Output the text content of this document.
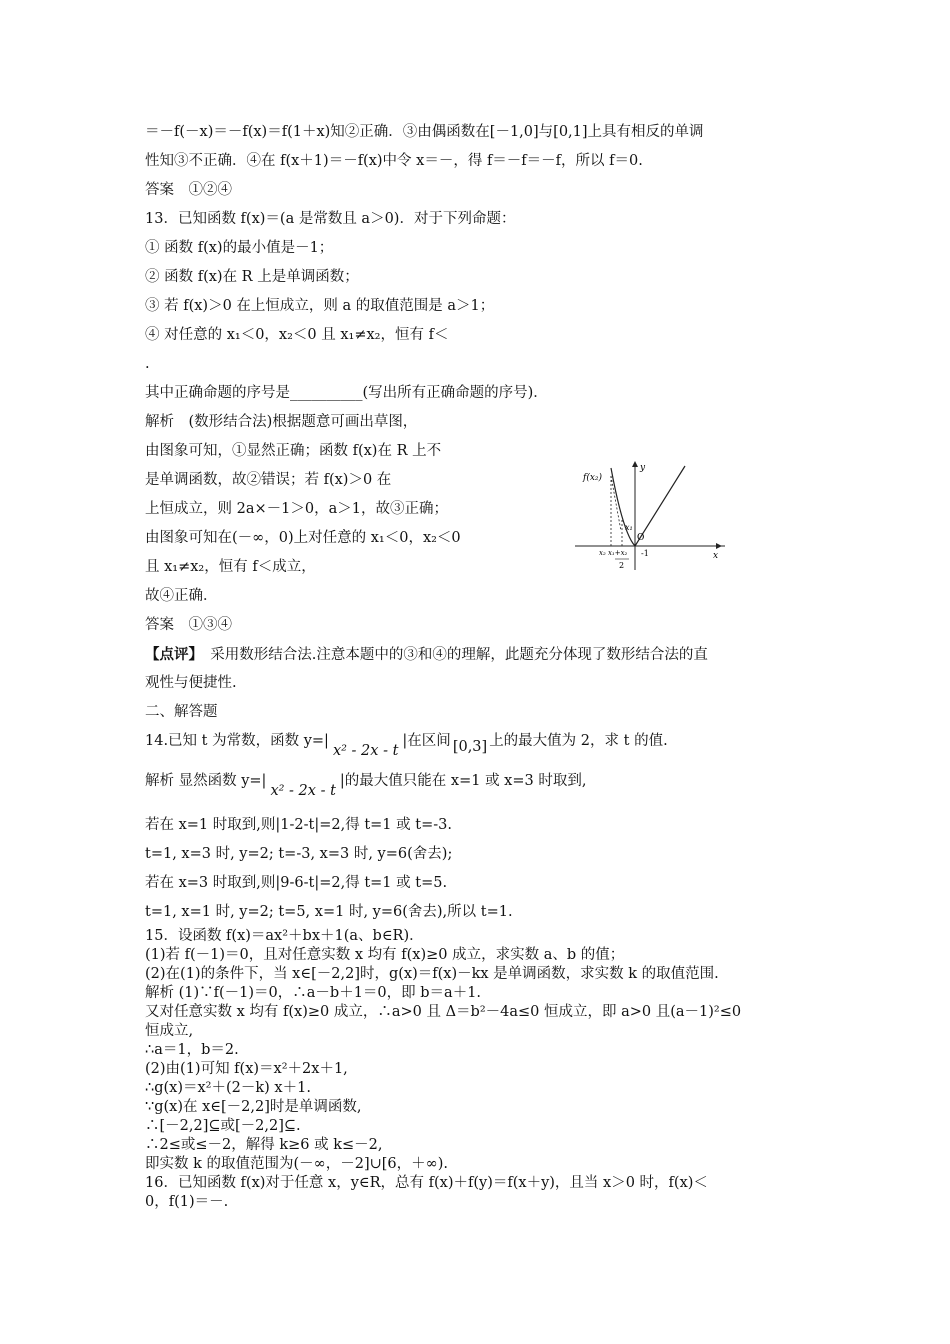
＝－f(－x)＝－f(x)＝f(1＋x)知②正确．③由偶函数在[－1,0]与[0,1]上具有相反的单调
性知③不正确．④在 f(x＋1)＝－f(x)中令 x＝－，得 f＝－f＝－f，所以 f＝0.
答案　①②④
13．已知函数 f(x)＝(a 是常数且 a＞0)．对于下列命题：
① 函数 f(x)的最小值是－1；
② 函数 f(x)在 R 上是单调函数；
③ 若 f(x)＞0 在上恒成立，则 a 的取值范围是 a＞1；
④ 对任意的 x₁＜0，x₂＜0 且 x₁≠x₂，恒有 f＜
.
其中正确命题的序号是__________(写出所有正确命题的序号)．
解析　(数形结合法)根据题意可画出草图，
由图象可知，①显然正确；函数 f(x)在 R 上不
是单调函数，故②错误；若 f(x)＞0 在
上恒成立，则 2a×－1＞0，a＞1，故③正确；
由图象可知在(－∞，0)上对任意的 x₁＜0，x₂＜0
且 x₁≠x₂，恒有 f＜成立，
故④正确．
答案　①③④
【点评】　采用数形结合法.注意本题中的③和④的理解，此题充分体现了数形结合法的直
观性与便捷性.
二、解答题
14.已知 t 为常数，函数 y=|x² - 2x - t|在区间 [0,3] 上的最大值为 2，求 t 的值.
解析 显然函数 y=|x² - 2x - t|的最大值只能在 x=1 或 x=3 时取到,
若在 x=1 时取到,则|1-2-t|=2,得 t=1 或 t=-3.
t=1, x=3 时, y=2; t=-3, x=3 时, y=6(舍去);
若在 x=3 时取到,则|9-6-t|=2,得 t=1 或 t=5.
t=1, x=1 时, y=2; t=5, x=1 时, y=6(舍去),所以 t=1.
15．设函数 f(x)＝ax²＋bx＋1(a、b∈R)．
(1)若 f(－1)＝0，且对任意实数 x 均有 f(x)≥0 成立，求实数 a、b 的值；
(2)在(1)的条件下，当 x∈[－2,2]时，g(x)＝f(x)－kx 是单调函数，求实数 k 的取值范围.
解析 (1)∵f(－1)＝0，∴a－b＋1＝0，即 b＝a＋1.
又对任意实数 x 均有 f(x)≥0 成立，∴a>0 且 Δ＝b²－4a≤0 恒成立，即 a>0 且(a－1)²≤0
恒成立,
∴a＝1，b＝2.
(2)由(1)可知 f(x)＝x²＋2x＋1,
∴g(x)＝x²＋(2－k) x＋1.
∵g(x)在 x∈[－2,2]时是单调函数,
∴[－2,2]⊆或[－2,2]⊆.
∴2≤或≤－2，解得 k≥6 或 k≤－2,
即实数 k 的取值范围为(－∞，－2]∪[6，＋∞).
16．已知函数 f(x)对于任意 x，y∈R，总有 f(x)＋f(y)＝f(x＋y)，且当 x＞0 时，f(x)＜
0，f(1)＝－.
f(x₂)
y
x
x₁
O
-1
x₂ x₁+x₂
2
